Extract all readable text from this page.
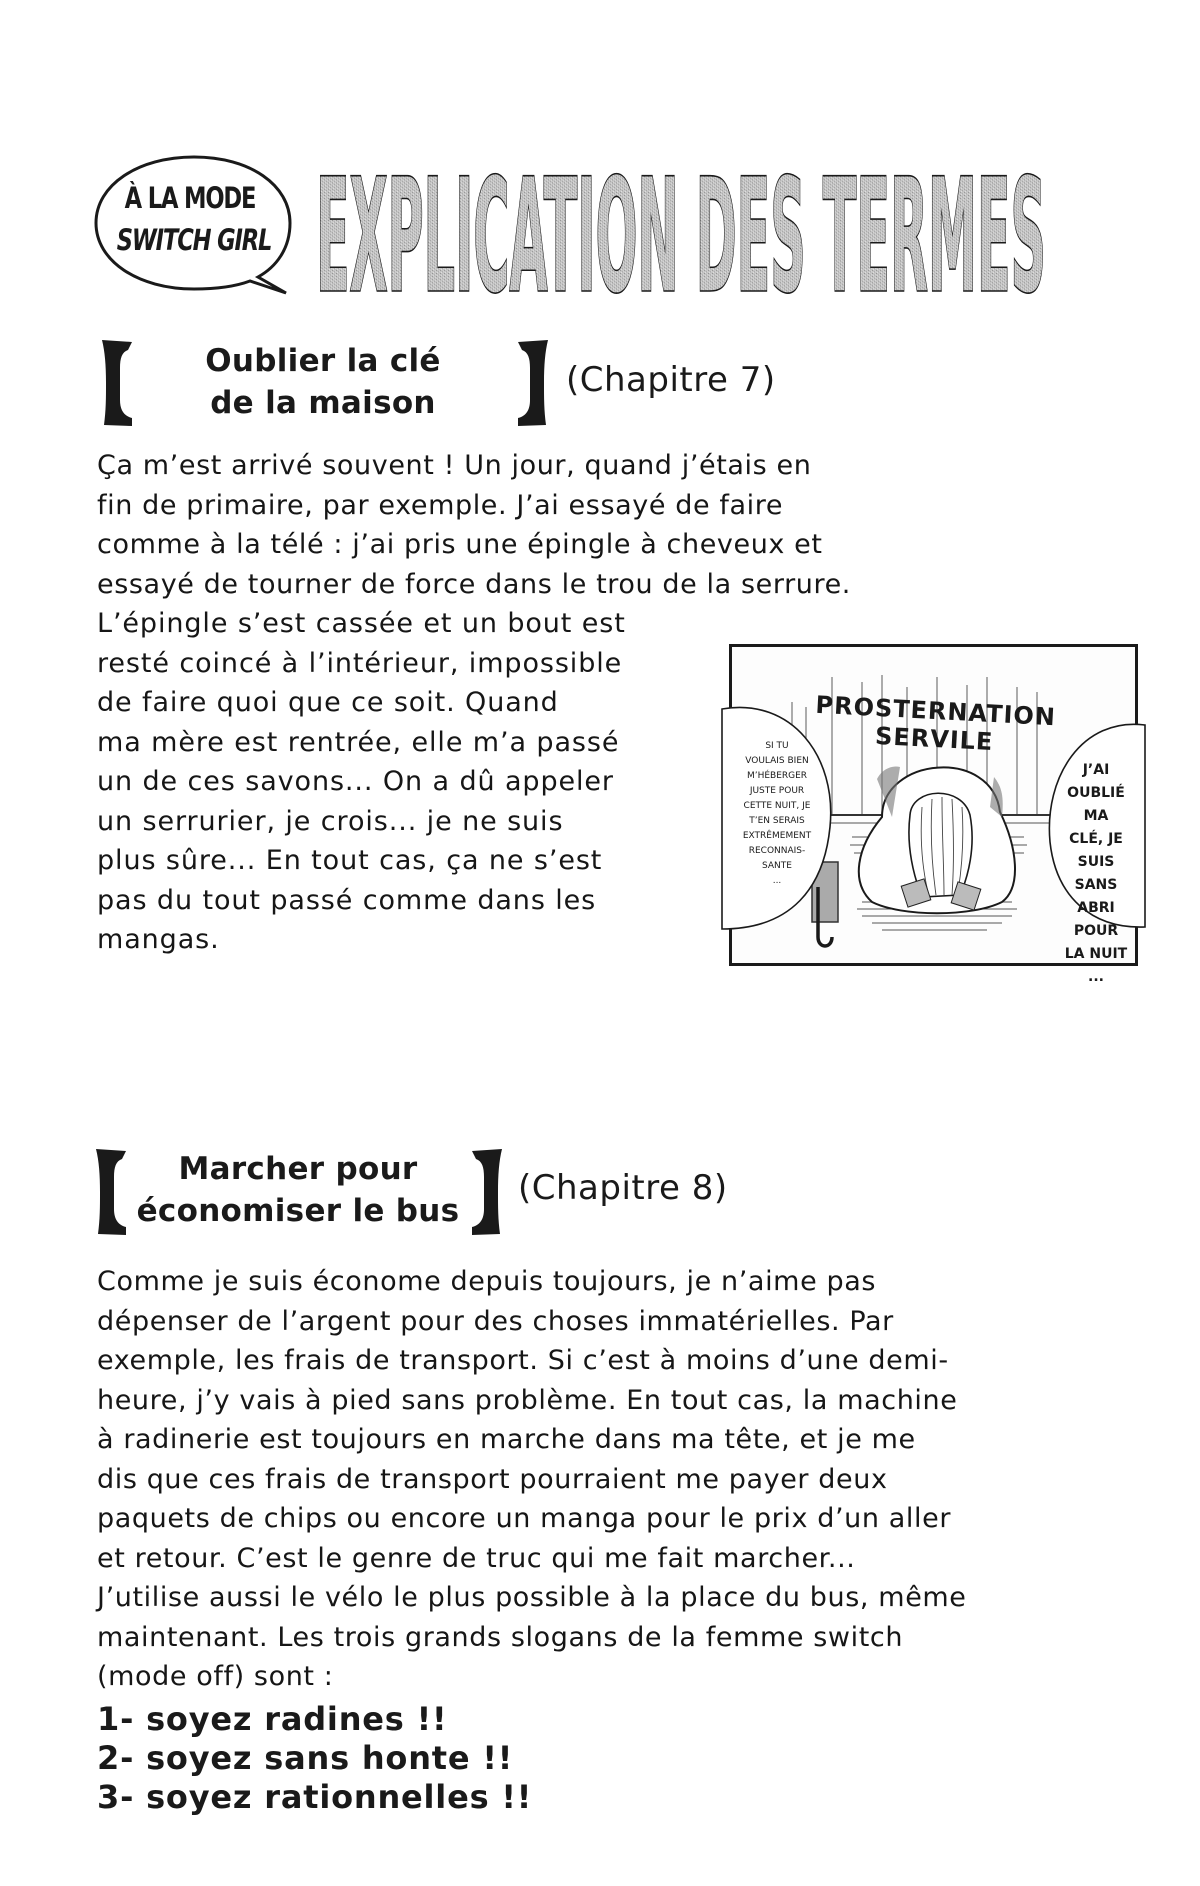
À LA MODE
SWITCH GIRL EXPLICATION DES TERMES
Oublier la clé
de la maison
(Chapitre 7)
Ça m’est arrivé souvent ! Un jour, quand j’étais en
fin de primaire, par exemple. J’ai essayé de faire
comme à la télé : j’ai pris une épingle à cheveux et
essayé de tourner de force dans le trou de la serrure.
L’épingle s’est cassée et un bout est
resté coincé à l’intérieur, impossible
de faire quoi que ce soit. Quand
ma mère est rentrée, elle m’a passé
un de ces savons... On a dû appeler
un serrurier, je crois... je ne suis
plus sûre... En tout cas, ça ne s’est
pas du tout passé comme dans les
mangas.
PROSTERNATION
SERVILE
SI TU
VOULAIS BIEN
M’HÉBERGER
JUSTE POUR
CETTE NUIT, JE
T’EN SERAIS
EXTRÊMEMENT
RECONNAIS-
SANTE
...
J’AI
OUBLIÉ MA
CLÉ, JE
SUIS SANS
ABRI POUR
LA NUIT
...
Marcher pour
économiser le bus
(Chapitre 8)
Comme je suis économe depuis toujours, je n’aime pas
dépenser de l’argent pour des choses immatérielles. Par
exemple, les frais de transport. Si c’est à moins d’une demi-
heure, j’y vais à pied sans problème. En tout cas, la machine
à radinerie est toujours en marche dans ma tête, et je me
dis que ces frais de transport pourraient me payer deux
paquets de chips ou encore un manga pour le prix d’un aller
et retour. C’est le genre de truc qui me fait marcher...
J’utilise aussi le vélo le plus possible à la place du bus, même
maintenant. Les trois grands slogans de la femme switch
(mode off) sont :
1- soyez radines !!
2- soyez sans honte !!
3- soyez rationnelles !!
